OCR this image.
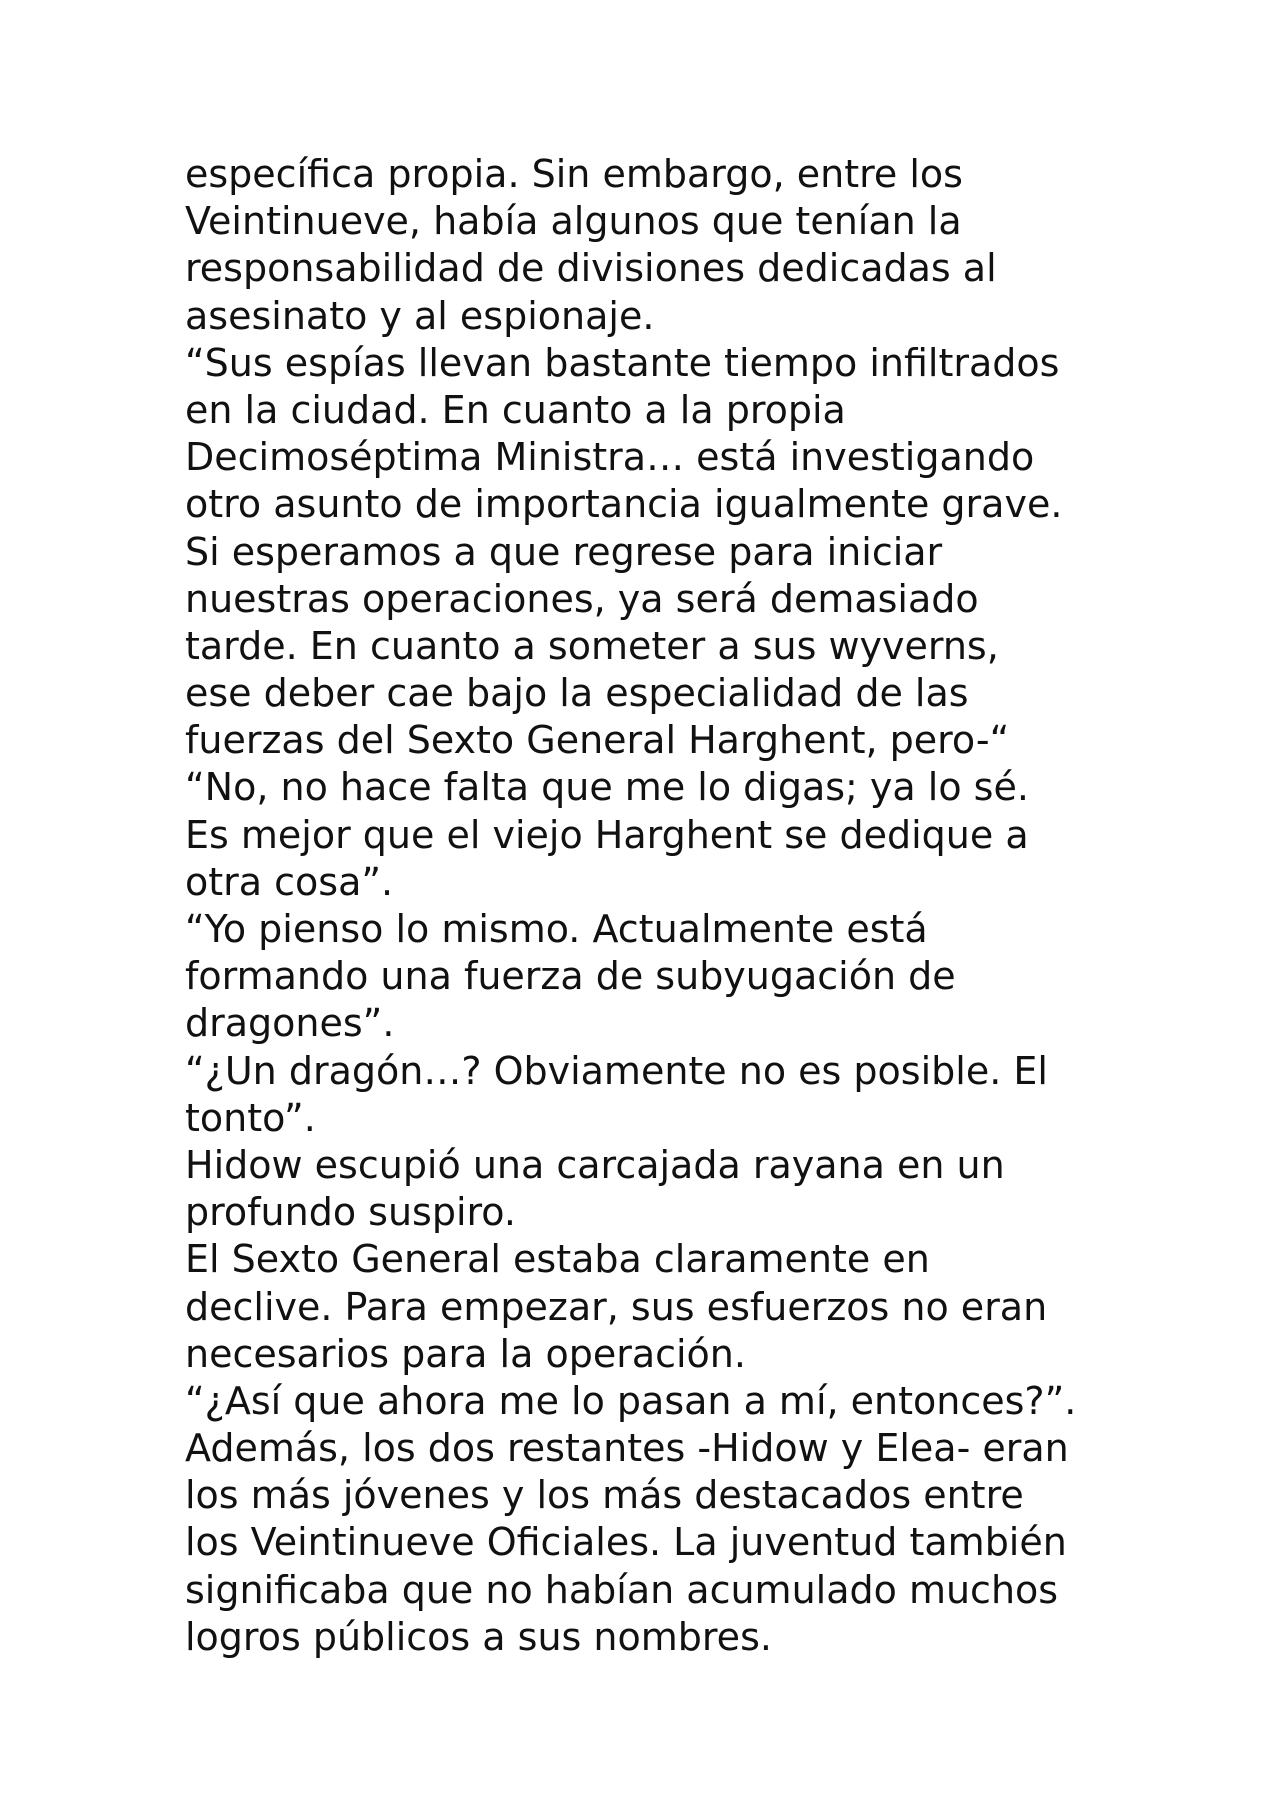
específica propia. Sin embargo, entre los
Veintinueve, había algunos que tenían la
responsabilidad de divisiones dedicadas al
asesinato y al espionaje.
“Sus espías llevan bastante tiempo infiltrados
en la ciudad. En cuanto a la propia
Decimoséptima Ministra… está investigando
otro asunto de importancia igualmente grave.
Si esperamos a que regrese para iniciar
nuestras operaciones, ya será demasiado
tarde. En cuanto a someter a sus wyverns,
ese deber cae bajo la especialidad de las
fuerzas del Sexto General Harghent, pero-“
“No, no hace falta que me lo digas; ya lo sé.
Es mejor que el viejo Harghent se dedique a
otra cosa”.
“Yo pienso lo mismo. Actualmente está
formando una fuerza de subyugación de
dragones”.
“¿Un dragón…? Obviamente no es posible. El
tonto”.
Hidow escupió una carcajada rayana en un
profundo suspiro.
El Sexto General estaba claramente en
declive. Para empezar, sus esfuerzos no eran
necesarios para la operación.
“¿Así que ahora me lo pasan a mí, entonces?”.
Además, los dos restantes -Hidow y Elea- eran
los más jóvenes y los más destacados entre
los Veintinueve Oficiales. La juventud también
significaba que no habían acumulado muchos
logros públicos a sus nombres.
